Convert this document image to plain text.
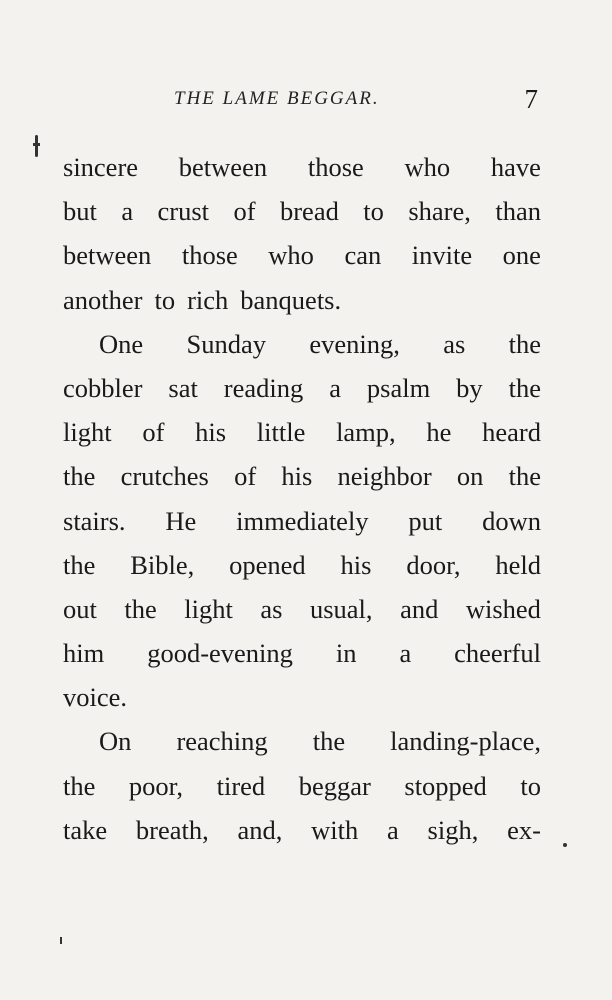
THE LAME BEGGAR.	7
sincere between those who have
but a crust of bread to share, than
between those who can invite one
another to rich banquets.
One Sunday evening, as the
cobbler sat reading a psalm by the
light of his little lamp, he heard
the crutches of his neighbor on the
stairs. He immediately put down
the Bible, opened his door, held
out the light as usual, and wished
him good-evening in a cheerful
voice.
On reaching the landing-place,
the poor, tired beggar stopped to
take breath, and, with a sigh, ex-
